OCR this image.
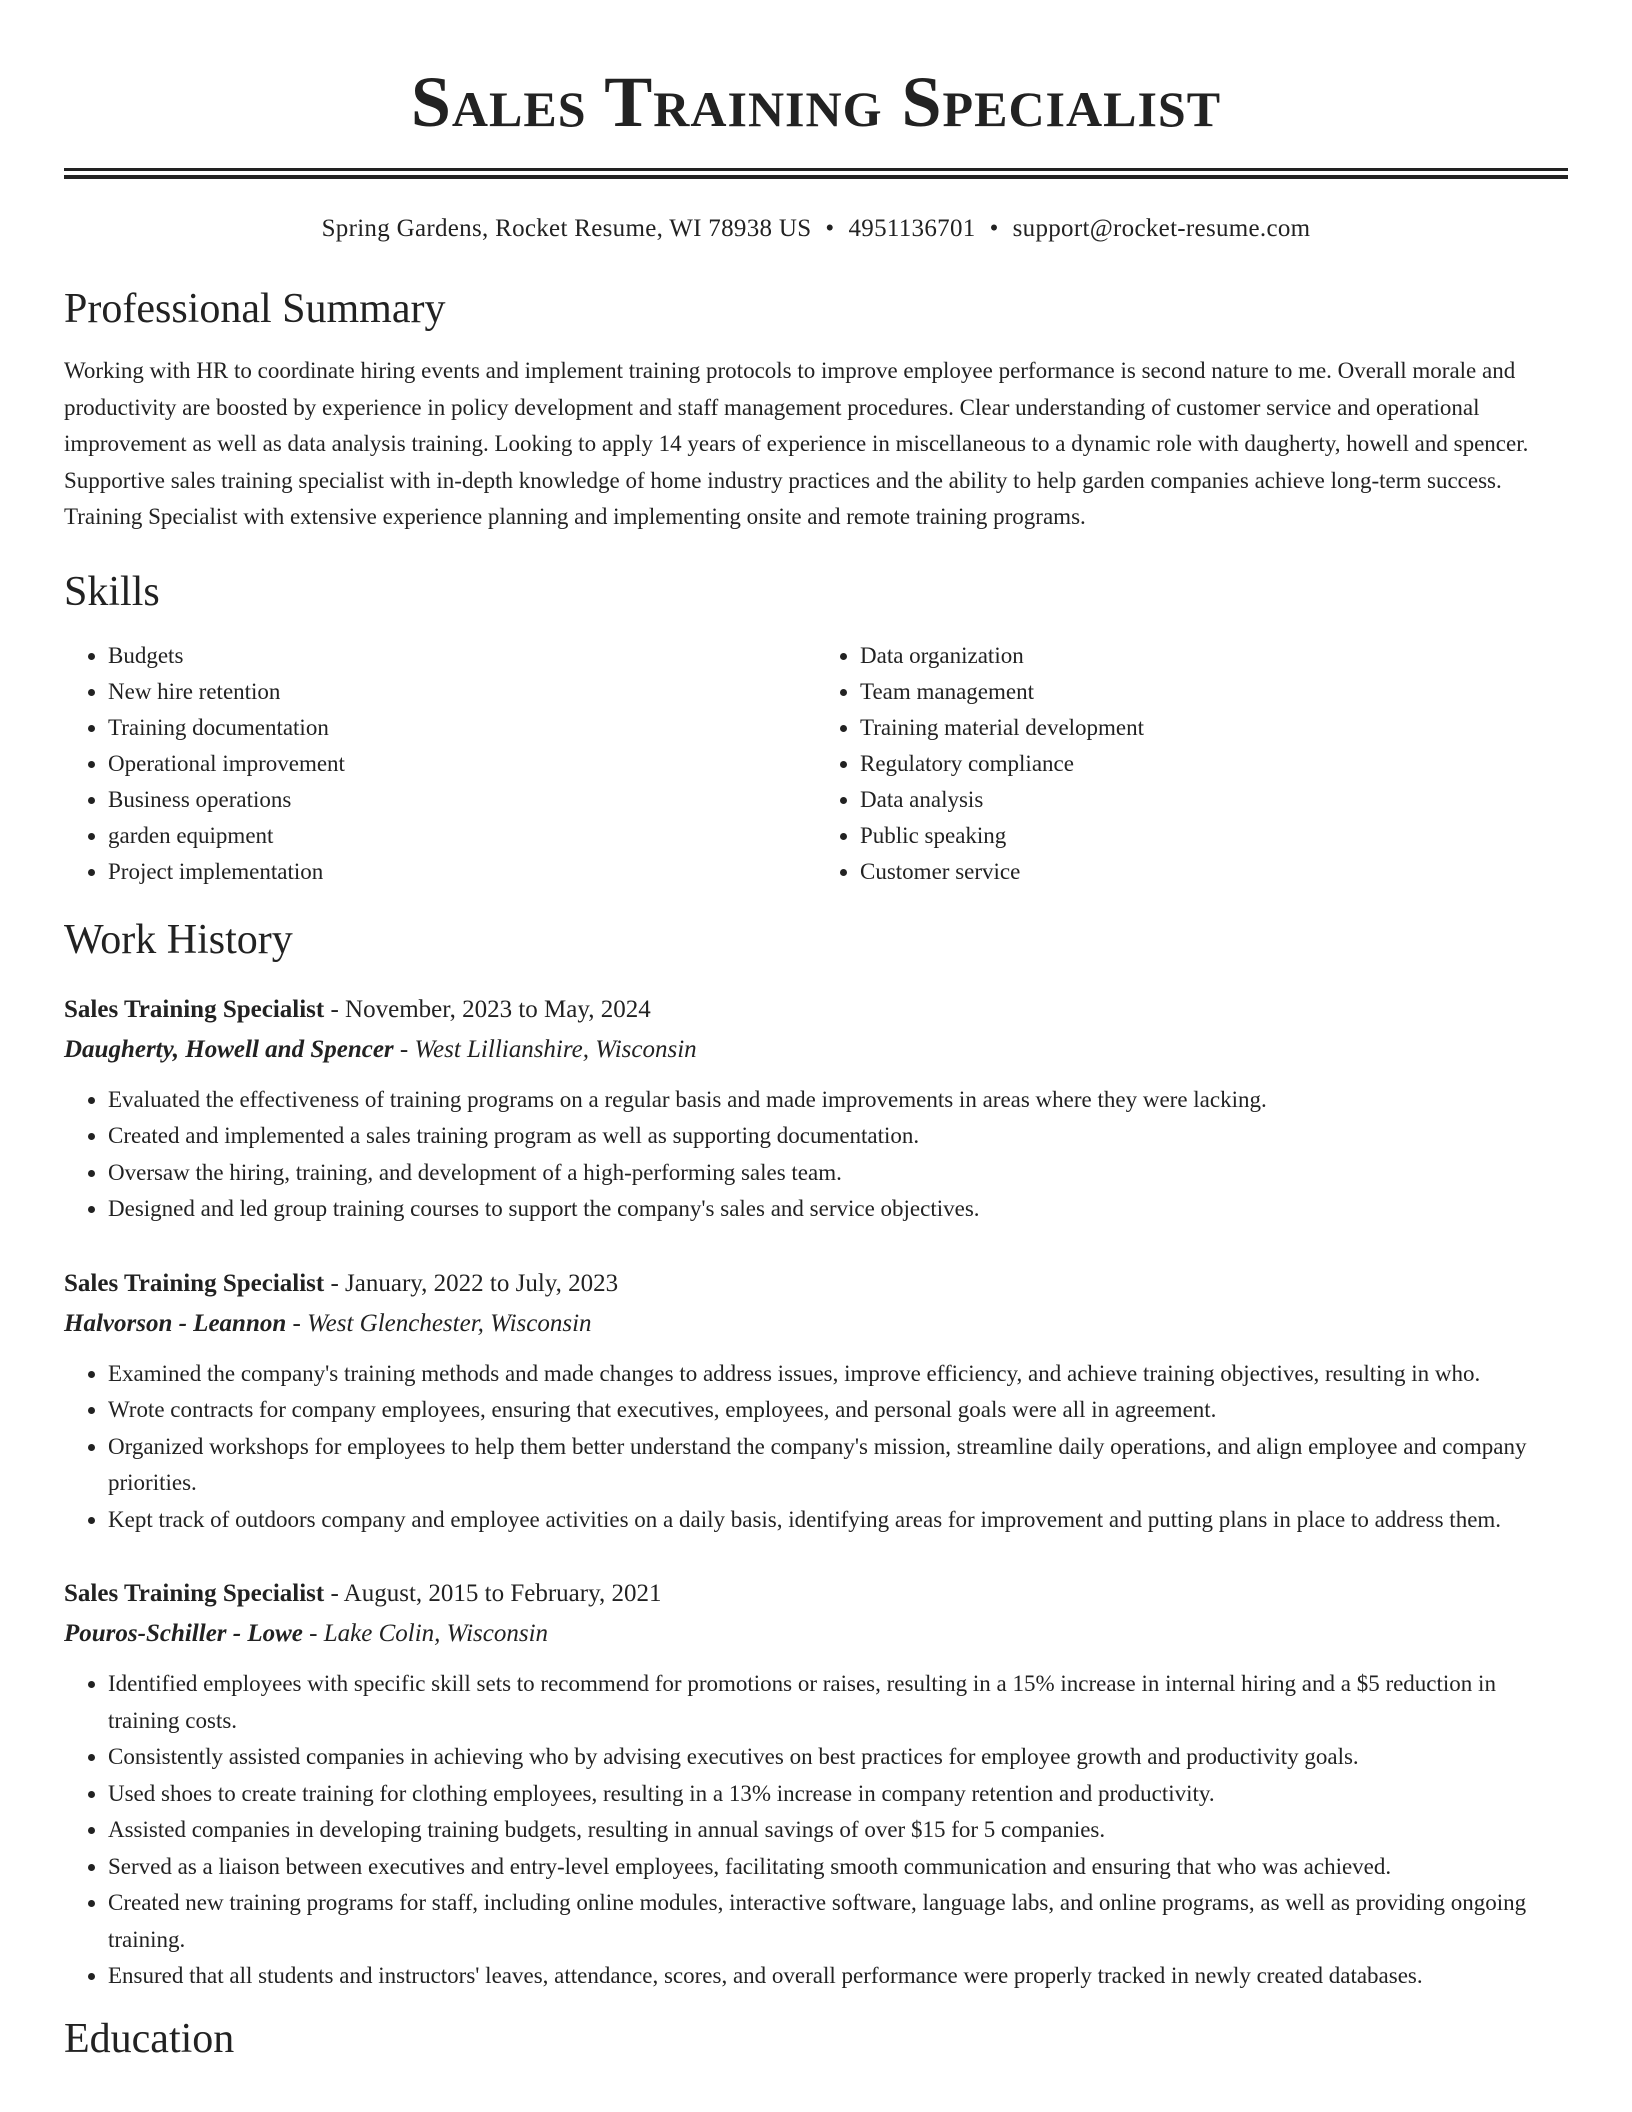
Sales Training Specialist
Spring Gardens, Rocket Resume, WI 78938 US • 4951136701 • support@rocket-resume.com
Professional Summary

Working with HR to coordinate hiring events and implement training protocols to improve employee performance is second nature to me. Overall morale and productivity are boosted by experience in policy development and staff management procedures. Clear understanding of customer service and operational improvement as well as data analysis training. Looking to apply 14 years of experience in miscellaneous to a dynamic role with daugherty, howell and spencer. Supportive sales training specialist with in-depth knowledge of home industry practices and the ability to help garden companies achieve long-term success. Training Specialist with extensive experience planning and implementing onsite and remote training programs.

Skills
• Budgets
• New hire retention
• Training documentation
• Operational improvement
• Business operations
• garden equipment
• Project implementation
• Data organization
• Team management
• Training material development
• Regulatory compliance
• Data analysis
• Public speaking
• Customer service
Work History
Sales Training Specialist - November, 2023 to May, 2024
Daugherty, Howell and Spencer - West Lillianshire, Wisconsin
• Evaluated the effectiveness of training programs on a regular basis and made improvements in areas where they were lacking.
• Created and implemented a sales training program as well as supporting documentation.
• Oversaw the hiring, training, and development of a high-performing sales team.
• Designed and led group training courses to support the company's sales and service objectives.
Sales Training Specialist - January, 2022 to July, 2023
Halvorson - Leannon - West Glenchester, Wisconsin
• Examined the company's training methods and made changes to address issues, improve efficiency, and achieve training objectives, resulting in who.
• Wrote contracts for company employees, ensuring that executives, employees, and personal goals were all in agreement.
• Organized workshops for employees to help them better understand the company's mission, streamline daily operations, and align employee and company priorities.
• Kept track of outdoors company and employee activities on a daily basis, identifying areas for improvement and putting plans in place to address them.
Sales Training Specialist - August, 2015 to February, 2021
Pouros-Schiller - Lowe - Lake Colin, Wisconsin
• Identified employees with specific skill sets to recommend for promotions or raises, resulting in a 15% increase in internal hiring and a $5 reduction in training costs.
• Consistently assisted companies in achieving who by advising executives on best practices for employee growth and productivity goals.
• Used shoes to create training for clothing employees, resulting in a 13% increase in company retention and productivity.
• Assisted companies in developing training budgets, resulting in annual savings of over $15 for 5 companies.
• Served as a liaison between executives and entry-level employees, facilitating smooth communication and ensuring that who was achieved.
• Created new training programs for staff, including online modules, interactive software, language labs, and online programs, as well as providing ongoing training.
• Ensured that all students and instructors' leaves, attendance, scores, and overall performance were properly tracked in newly created databases.
Education
